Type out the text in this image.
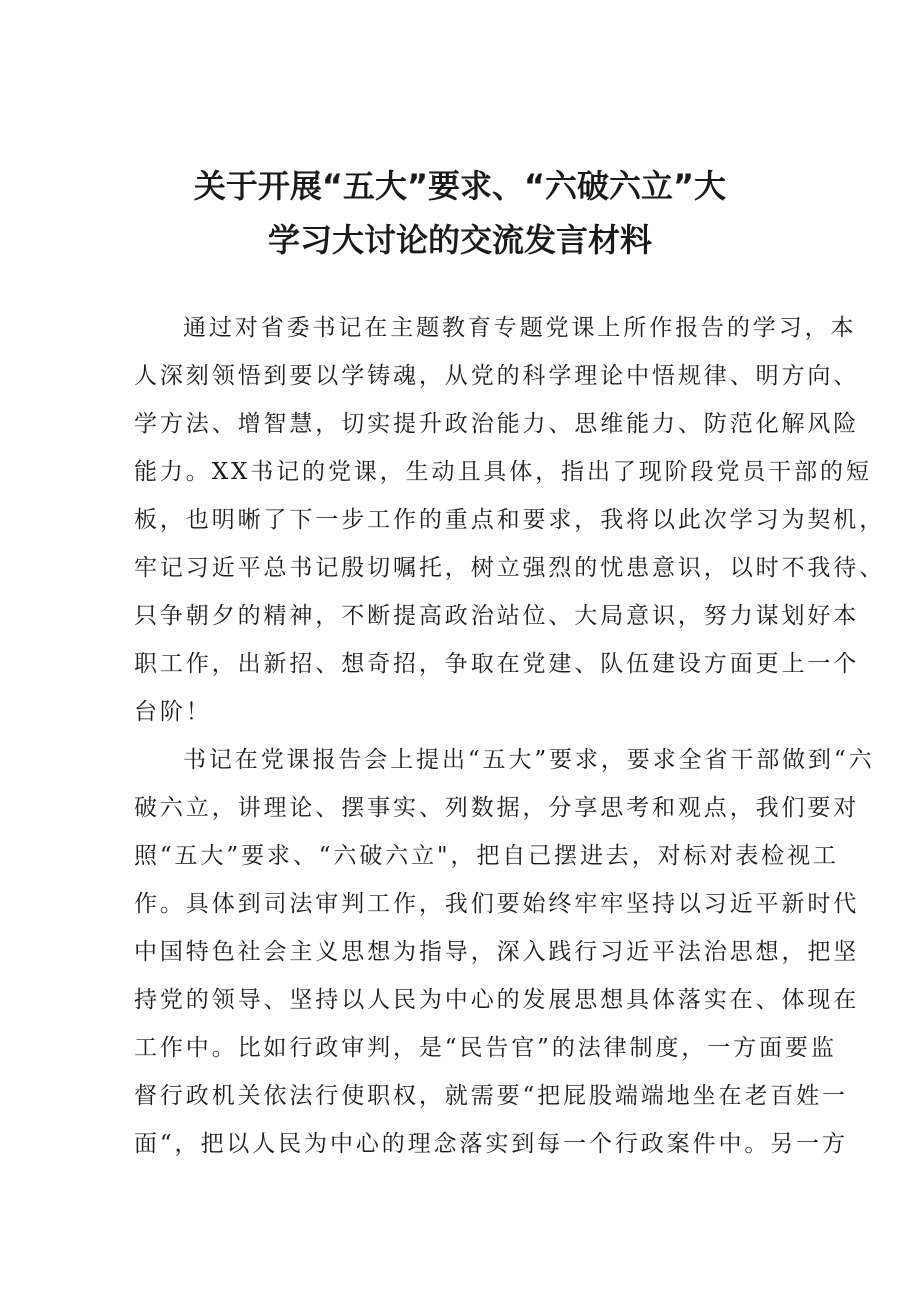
关于开展“五大”要求、“六破六立”大
学习大讨论的交流发言材料

通过对省委书记在主题教育专题党课上所作报告的学习，本

人深刻领悟到要以学铸魂，从党的科学理论中悟规律、明方向、

学方法、增智慧，切实提升政治能力、思维能力、防范化解风险

能力。XX书记的党课，生动且具体，指出了现阶段党员干部的短

板，也明晰了下一步工作的重点和要求，我将以此次学习为契机，

牢记习近平总书记殷切嘱托，树立强烈的忧患意识，以时不我待、

只争朝夕的精神，不断提高政治站位、大局意识，努力谋划好本

职工作，出新招、想奇招，争取在党建、队伍建设方面更上一个

台阶！

书记在党课报告会上提出“五大”要求，要求全省干部做到“六

破六立，讲理论、摆事实、列数据，分享思考和观点，我们要对

照“五大”要求、“六破六立"，把自己摆进去，对标对表检视工

作。具体到司法审判工作，我们要始终牢牢坚持以习近平新时代

中国特色社会主义思想为指导，深入践行习近平法治思想，把坚

持党的领导、坚持以人民为中心的发展思想具体落实在、体现在

工作中。比如行政审判，是“民告官”的法律制度，一方面要监

督行政机关依法行使职权，就需要“把屁股端端地坐在老百姓一

面“，把以人民为中心的理念落实到每一个行政案件中。另一方
